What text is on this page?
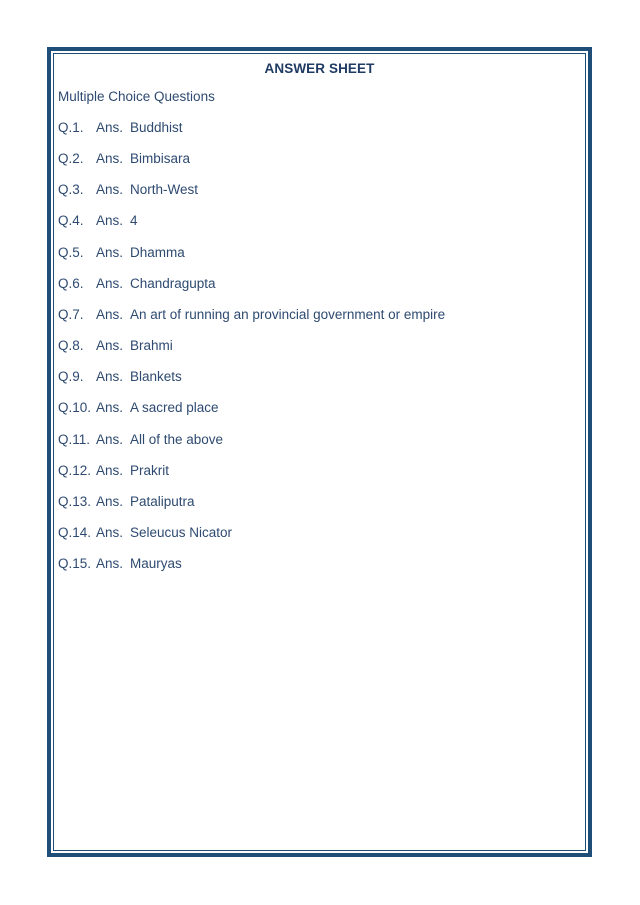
ANSWER SHEET
Multiple Choice Questions
Q.1. Ans. Buddhist
Q.2. Ans. Bimbisara
Q.3. Ans. North-West
Q.4. Ans. 4
Q.5. Ans. Dhamma
Q.6. Ans. Chandragupta
Q.7. Ans. An art of running an provincial government or empire
Q.8. Ans. Brahmi
Q.9. Ans. Blankets
Q.10. Ans. A sacred place
Q.11. Ans. All of the above
Q.12. Ans. Prakrit
Q.13. Ans. Pataliputra
Q.14. Ans. Seleucus Nicator
Q.15. Ans. Mauryas
